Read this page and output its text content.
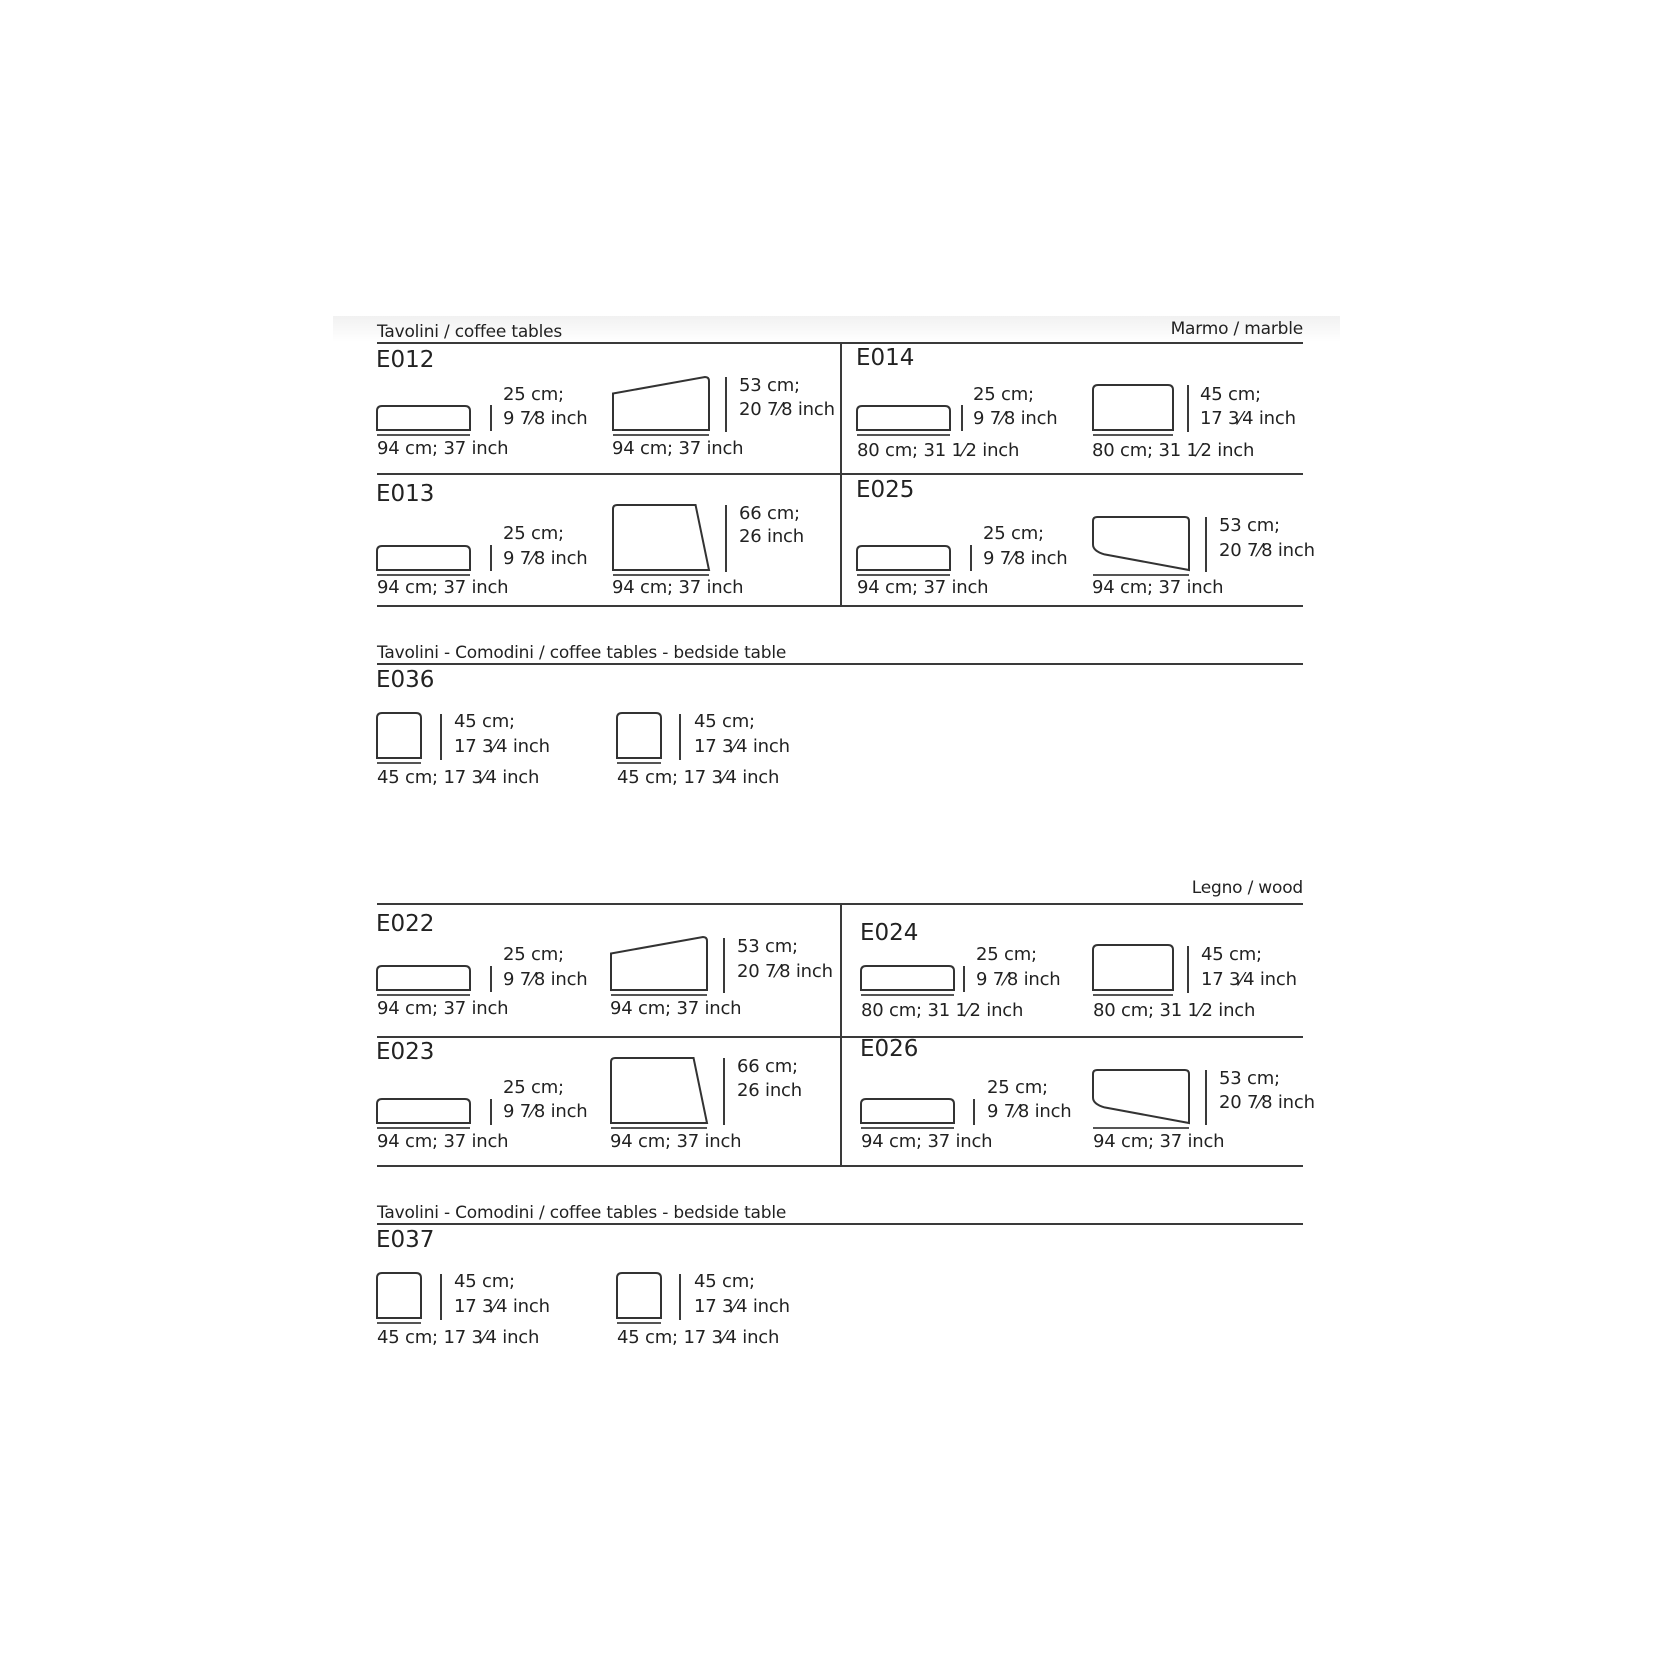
Tavolini / coffee tables	Marmo / marble
E012
25 cm;
9 7⁄8 inch
94 cm; 37 inch
53 cm;
20 7⁄8 inch
94 cm; 37 inch
E014
25 cm;
9 7⁄8 inch
80 cm; 31 1⁄2 inch
45 cm;
17 3⁄4 inch
80 cm; 31 1⁄2 inch
E013
25 cm;
9 7⁄8 inch
94 cm; 37 inch
66 cm;
26 inch
94 cm; 37 inch
E025
25 cm;
9 7⁄8 inch
94 cm; 37 inch
53 cm;
20 7⁄8 inch
94 cm; 37 inch
Tavolini - Comodini / coffee tables - bedside table
E036
45 cm;
17 3⁄4 inch
45 cm; 17 3⁄4 inch
45 cm;
17 3⁄4 inch
45 cm; 17 3⁄4 inch
Legno / wood
E022
25 cm;
9 7⁄8 inch
94 cm; 37 inch
53 cm;
20 7⁄8 inch
94 cm; 37 inch
E024
25 cm;
9 7⁄8 inch
80 cm; 31 1⁄2 inch
45 cm;
17 3⁄4 inch
80 cm; 31 1⁄2 inch
E023
25 cm;
9 7⁄8 inch
94 cm; 37 inch
66 cm;
26 inch
94 cm; 37 inch
E026
25 cm;
9 7⁄8 inch
94 cm; 37 inch
53 cm;
20 7⁄8 inch
94 cm; 37 inch
Tavolini - Comodini / coffee tables - bedside table
E037
45 cm;
17 3⁄4 inch
45 cm; 17 3⁄4 inch
45 cm;
17 3⁄4 inch
45 cm; 17 3⁄4 inch
